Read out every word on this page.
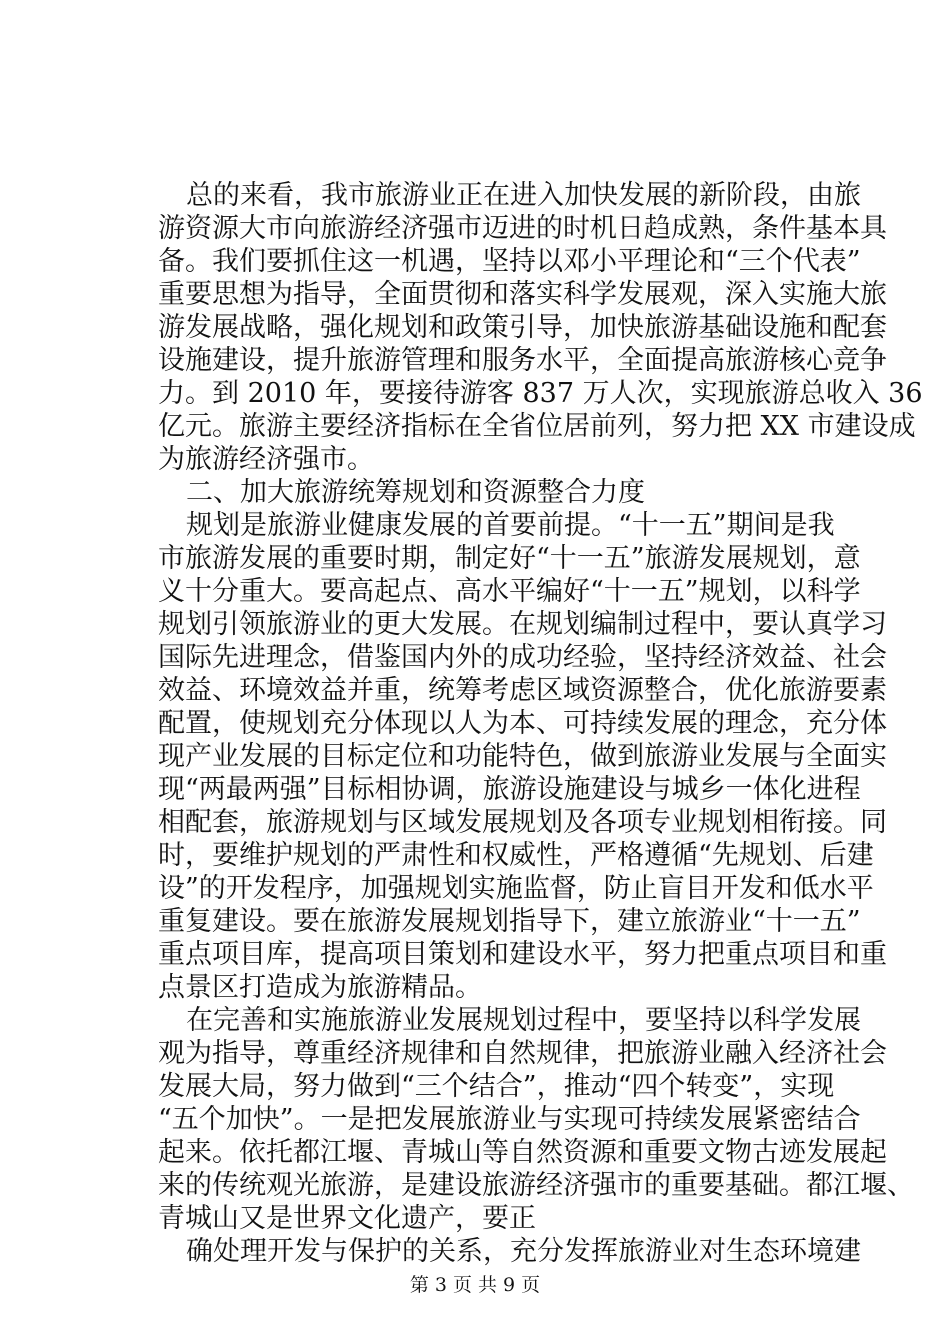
总的来看，我市旅游业正在进入加快发展的新阶段，由旅
游资源大市向旅游经济强市迈进的时机日趋成熟，条件基本具
备。我们要抓住这一机遇，坚持以邓小平理论和“三个代表”
重要思想为指导，全面贯彻和落实科学发展观，深入实施大旅
游发展战略，强化规划和政策引导，加快旅游基础设施和配套
设施建设，提升旅游管理和服务水平，全面提高旅游核心竞争
力。到 2010 年，要接待游客 837 万人次，实现旅游总收入 36
亿元。旅游主要经济指标在全省位居前列，努力把 XX 市建设成
为旅游经济强市。
二、加大旅游统筹规划和资源整合力度
规划是旅游业健康发展的首要前提。“十一五”期间是我
市旅游发展的重要时期，制定好“十一五”旅游发展规划，意
义十分重大。要高起点、高水平编好“十一五”规划，以科学
规划引领旅游业的更大发展。在规划编制过程中，要认真学习
国际先进理念，借鉴国内外的成功经验，坚持经济效益、社会
效益、环境效益并重，统筹考虑区域资源整合，优化旅游要素
配置，使规划充分体现以人为本、可持续发展的理念，充分体
现产业发展的目标定位和功能特色，做到旅游业发展与全面实
现“两最两强”目标相协调，旅游设施建设与城乡一体化进程
相配套，旅游规划与区域发展规划及各项专业规划相衔接。同
时，要维护规划的严肃性和权威性，严格遵循“先规划、后建
设”的开发程序，加强规划实施监督，防止盲目开发和低水平
重复建设。要在旅游发展规划指导下，建立旅游业“十一五”
重点项目库，提高项目策划和建设水平，努力把重点项目和重
点景区打造成为旅游精品。
在完善和实施旅游业发展规划过程中，要坚持以科学发展
观为指导，尊重经济规律和自然规律，把旅游业融入经济社会
发展大局，努力做到“三个结合”，推动“四个转变”，实现
“五个加快”。一是把发展旅游业与实现可持续发展紧密结合
起来。依托都江堰、青城山等自然资源和重要文物古迹发展起
来的传统观光旅游，是建设旅游经济强市的重要基础。都江堰、
青城山又是世界文化遗产，要正
确处理开发与保护的关系，充分发挥旅游业对生态环境建
第 3 页 共 9 页
